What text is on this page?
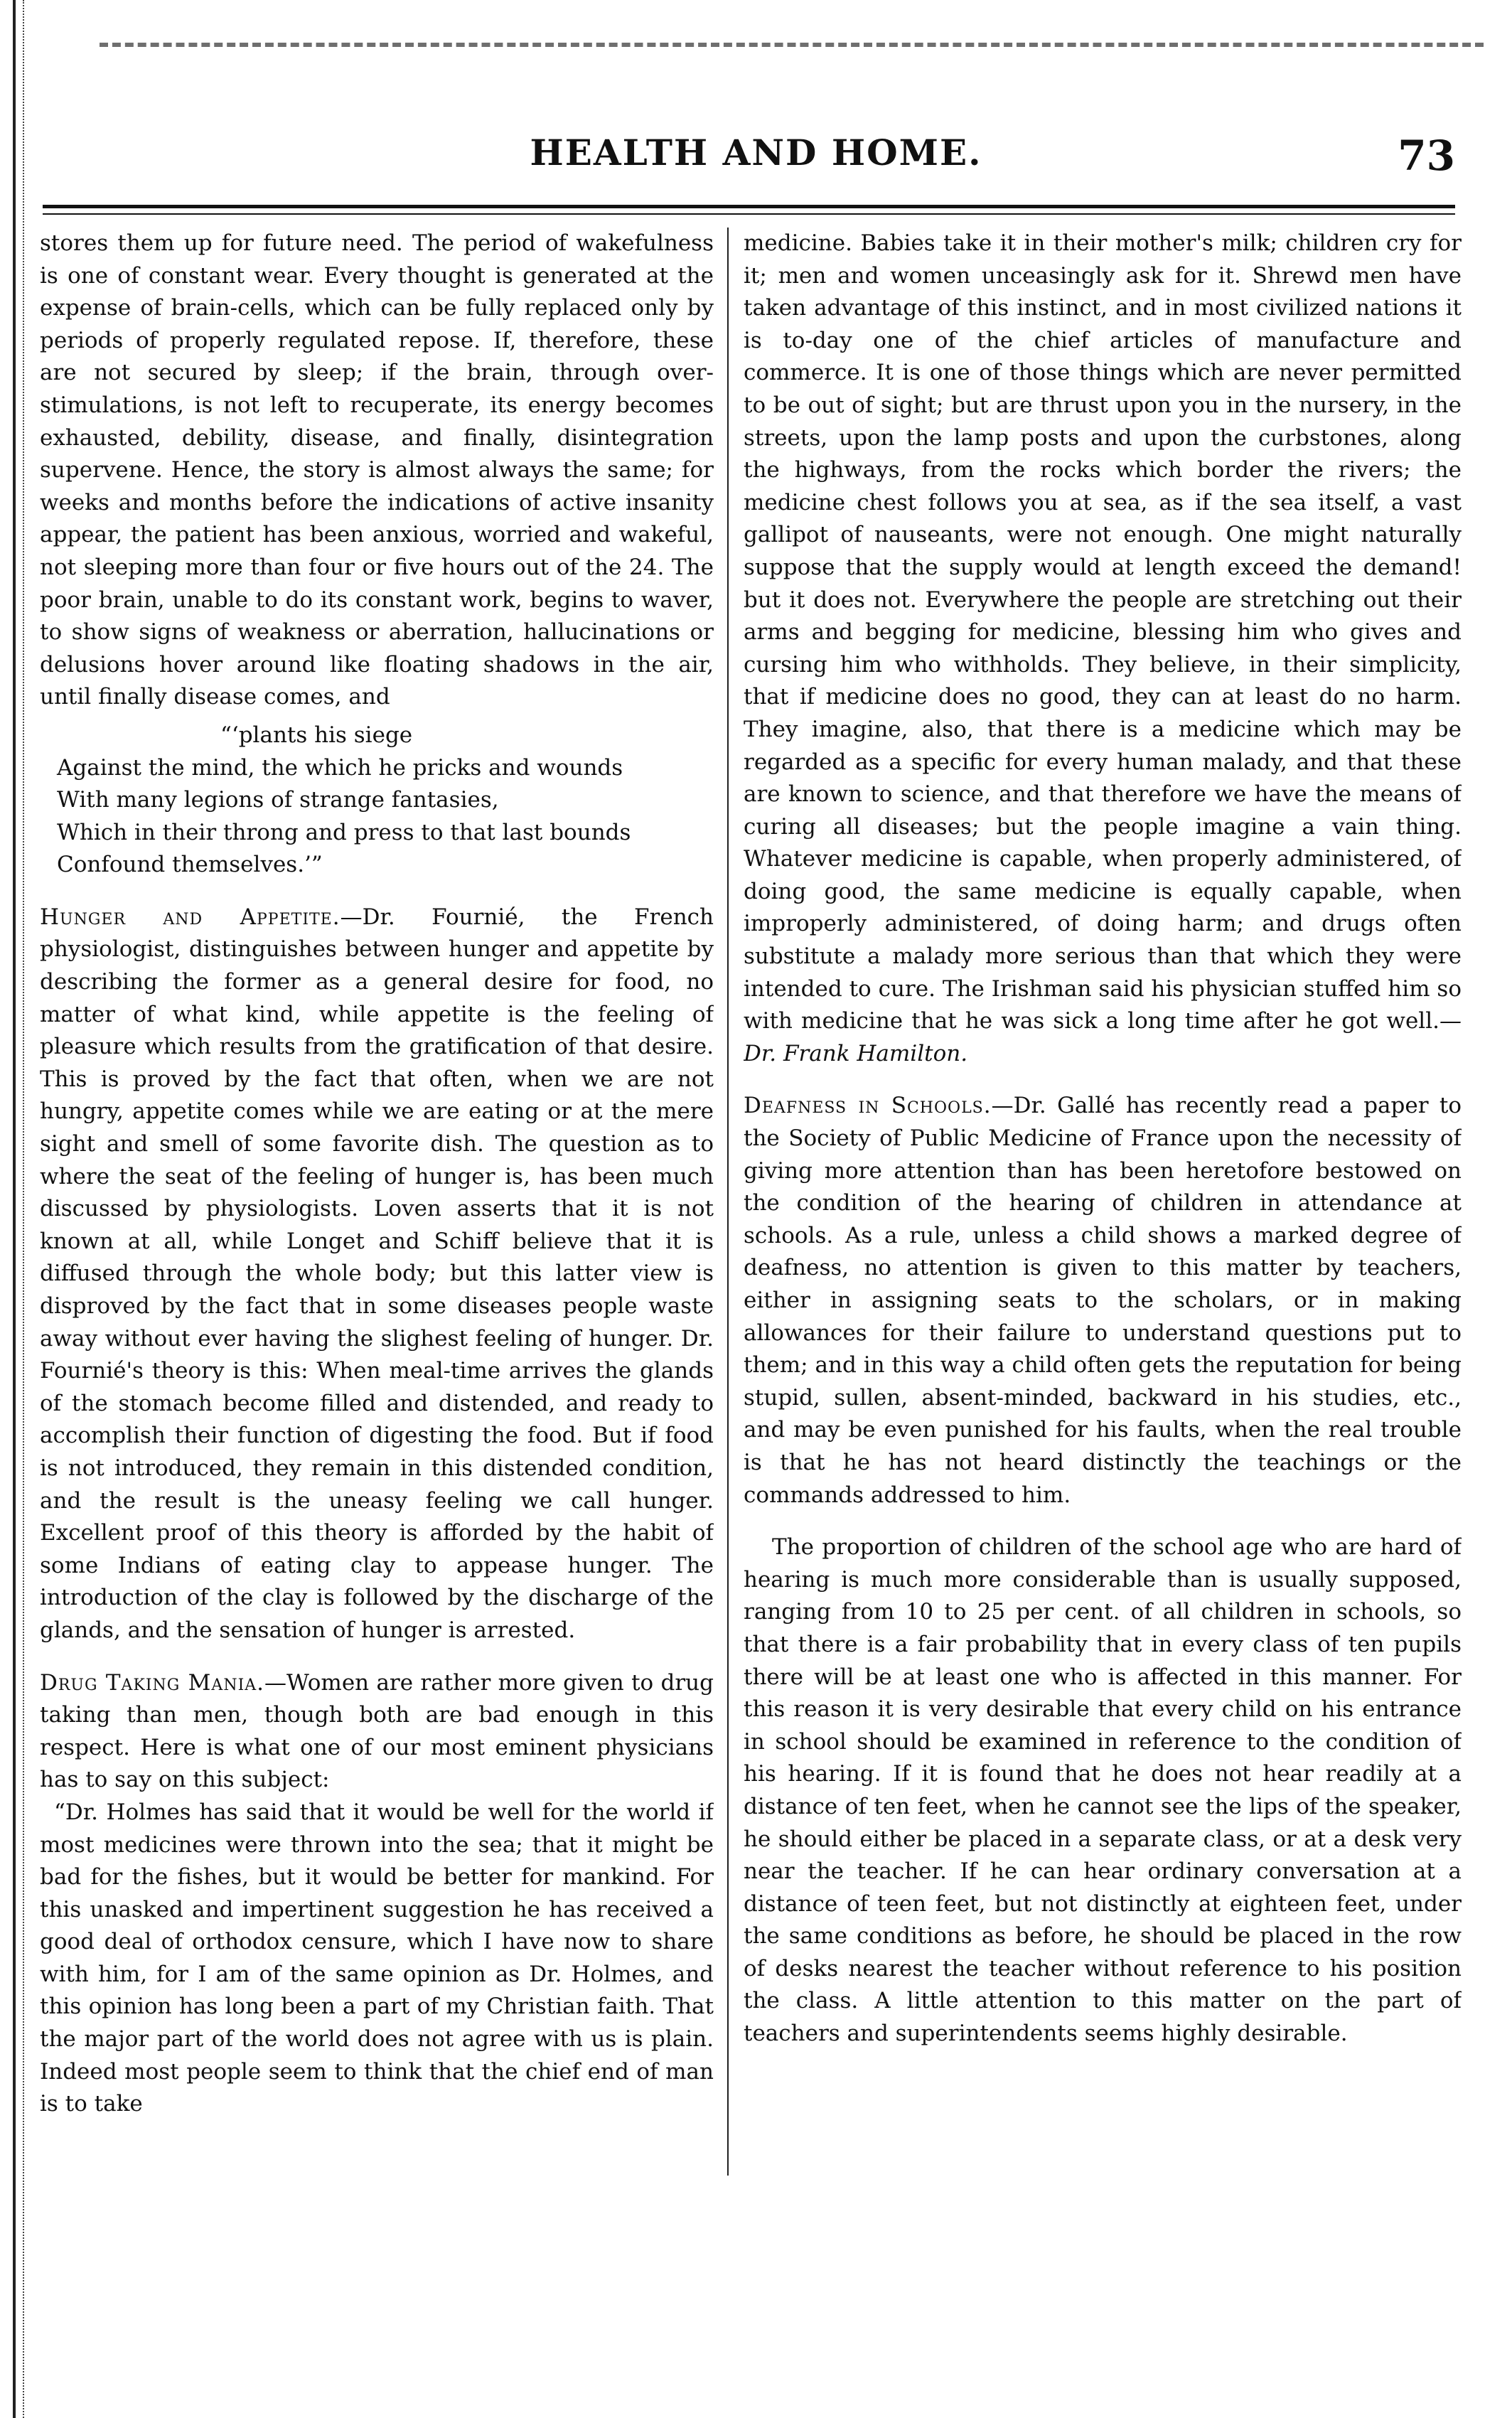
HEALTH AND HOME.	73

stores them up for future need. The period of wakefulness is one of constant wear. Every thought is generated at the expense of brain-cells, which can be fully replaced only by periods of properly regulated repose. If, therefore, these are not secured by sleep; if the brain, through over-stimulations, is not left to recuperate, its energy becomes exhausted, debility, disease, and finally, disintegration supervene. Hence, the story is almost always the same; for weeks and months before the indications of active insanity appear, the patient has been anxious, worried and wakeful, not sleeping more than four or five hours out of the 24. The poor brain, unable to do its constant work, begins to waver, to show signs of weakness or aberration, hallucinations or delusions hover around like floating shadows in the air, until finally disease comes, and

“‘plants his siege
Against the mind, the which he pricks and wounds
With many legions of strange fantasies,
Which in their throng and press to that last bounds
Confound themselves.’”

Hunger and Appetite.—Dr. Fournié, the French physiologist, distinguishes between hunger and appetite by describing the former as a general desire for food, no matter of what kind, while appetite is the feeling of pleasure which results from the gratification of that desire. This is proved by the fact that often, when we are not hungry, appetite comes while we are eating or at the mere sight and smell of some favorite dish. The question as to where the seat of the feeling of hunger is, has been much discussed by physiologists. Loven asserts that it is not known at all, while Longet and Schiff believe that it is diffused through the whole body; but this latter view is disproved by the fact that in some diseases people waste away without ever having the slighest feeling of hunger. Dr. Fournié's theory is this: When meal-time arrives the glands of the stomach become filled and distended, and ready to accomplish their function of digesting the food. But if food is not introduced, they remain in this distended condition, and the result is the uneasy feeling we call hunger. Excellent proof of this theory is afforded by the habit of some Indians of eating clay to appease hunger. The introduction of the clay is followed by the discharge of the glands, and the sensation of hunger is arrested.

Drug Taking Mania.—Women are rather more given to drug taking than men, though both are bad enough in this respect. Here is what one of our most eminent physicians has to say on this subject:

“Dr. Holmes has said that it would be well for the world if most medicines were thrown into the sea; that it might be bad for the fishes, but it would be better for mankind. For this unasked and impertinent suggestion he has received a good deal of orthodox censure, which I have now to share with him, for I am of the same opinion as Dr. Holmes, and this opinion has long been a part of my Christian faith. That the major part of the world does not agree with us is plain. Indeed most people seem to think that the chief end of man is to take

medicine. Babies take it in their mother's milk; children cry for it; men and women unceasingly ask for it. Shrewd men have taken advantage of this instinct, and in most civilized nations it is to-day one of the chief articles of manufacture and commerce. It is one of those things which are never permitted to be out of sight; but are thrust upon you in the nursery, in the streets, upon the lamp posts and upon the curbstones, along the highways, from the rocks which border the rivers; the medicine chest follows you at sea, as if the sea itself, a vast gallipot of nauseants, were not enough. One might naturally suppose that the supply would at length exceed the demand! but it does not. Everywhere the people are stretching out their arms and begging for medicine, blessing him who gives and cursing him who withholds. They believe, in their simplicity, that if medicine does no good, they can at least do no harm. They imagine, also, that there is a medicine which may be regarded as a specific for every human malady, and that these are known to science, and that therefore we have the means of curing all diseases; but the people imagine a vain thing. Whatever medicine is capable, when properly administered, of doing good, the same medicine is equally capable, when improperly administered, of doing harm; and drugs often substitute a malady more serious than that which they were intended to cure. The Irishman said his physician stuffed him so with medicine that he was sick a long time after he got well.—Dr. Frank Hamilton.

Deafness in Schools.—Dr. Gallé has recently read a paper to the Society of Public Medicine of France upon the necessity of giving more attention than has been heretofore bestowed on the condition of the hearing of children in attendance at schools. As a rule, unless a child shows a marked degree of deafness, no attention is given to this matter by teachers, either in assigning seats to the scholars, or in making allowances for their failure to understand questions put to them; and in this way a child often gets the reputation for being stupid, sullen, absent-minded, backward in his studies, etc., and may be even punished for his faults, when the real trouble is that he has not heard distinctly the teachings or the commands addressed to him.

The proportion of children of the school age who are hard of hearing is much more considerable than is usually supposed, ranging from 10 to 25 per cent. of all children in schools, so that there is a fair probability that in every class of ten pupils there will be at least one who is affected in this manner. For this reason it is very desirable that every child on his entrance in school should be examined in reference to the condition of his hearing. If it is found that he does not hear readily at a distance of ten feet, when he cannot see the lips of the speaker, he should either be placed in a separate class, or at a desk very near the teacher. If he can hear ordinary conversation at a distance of teen feet, but not distinctly at eighteen feet, under the same conditions as before, he should be placed in the row of desks nearest the teacher without reference to his position the class. A little attention to this matter on the part of teachers and superintendents seems highly desirable.
